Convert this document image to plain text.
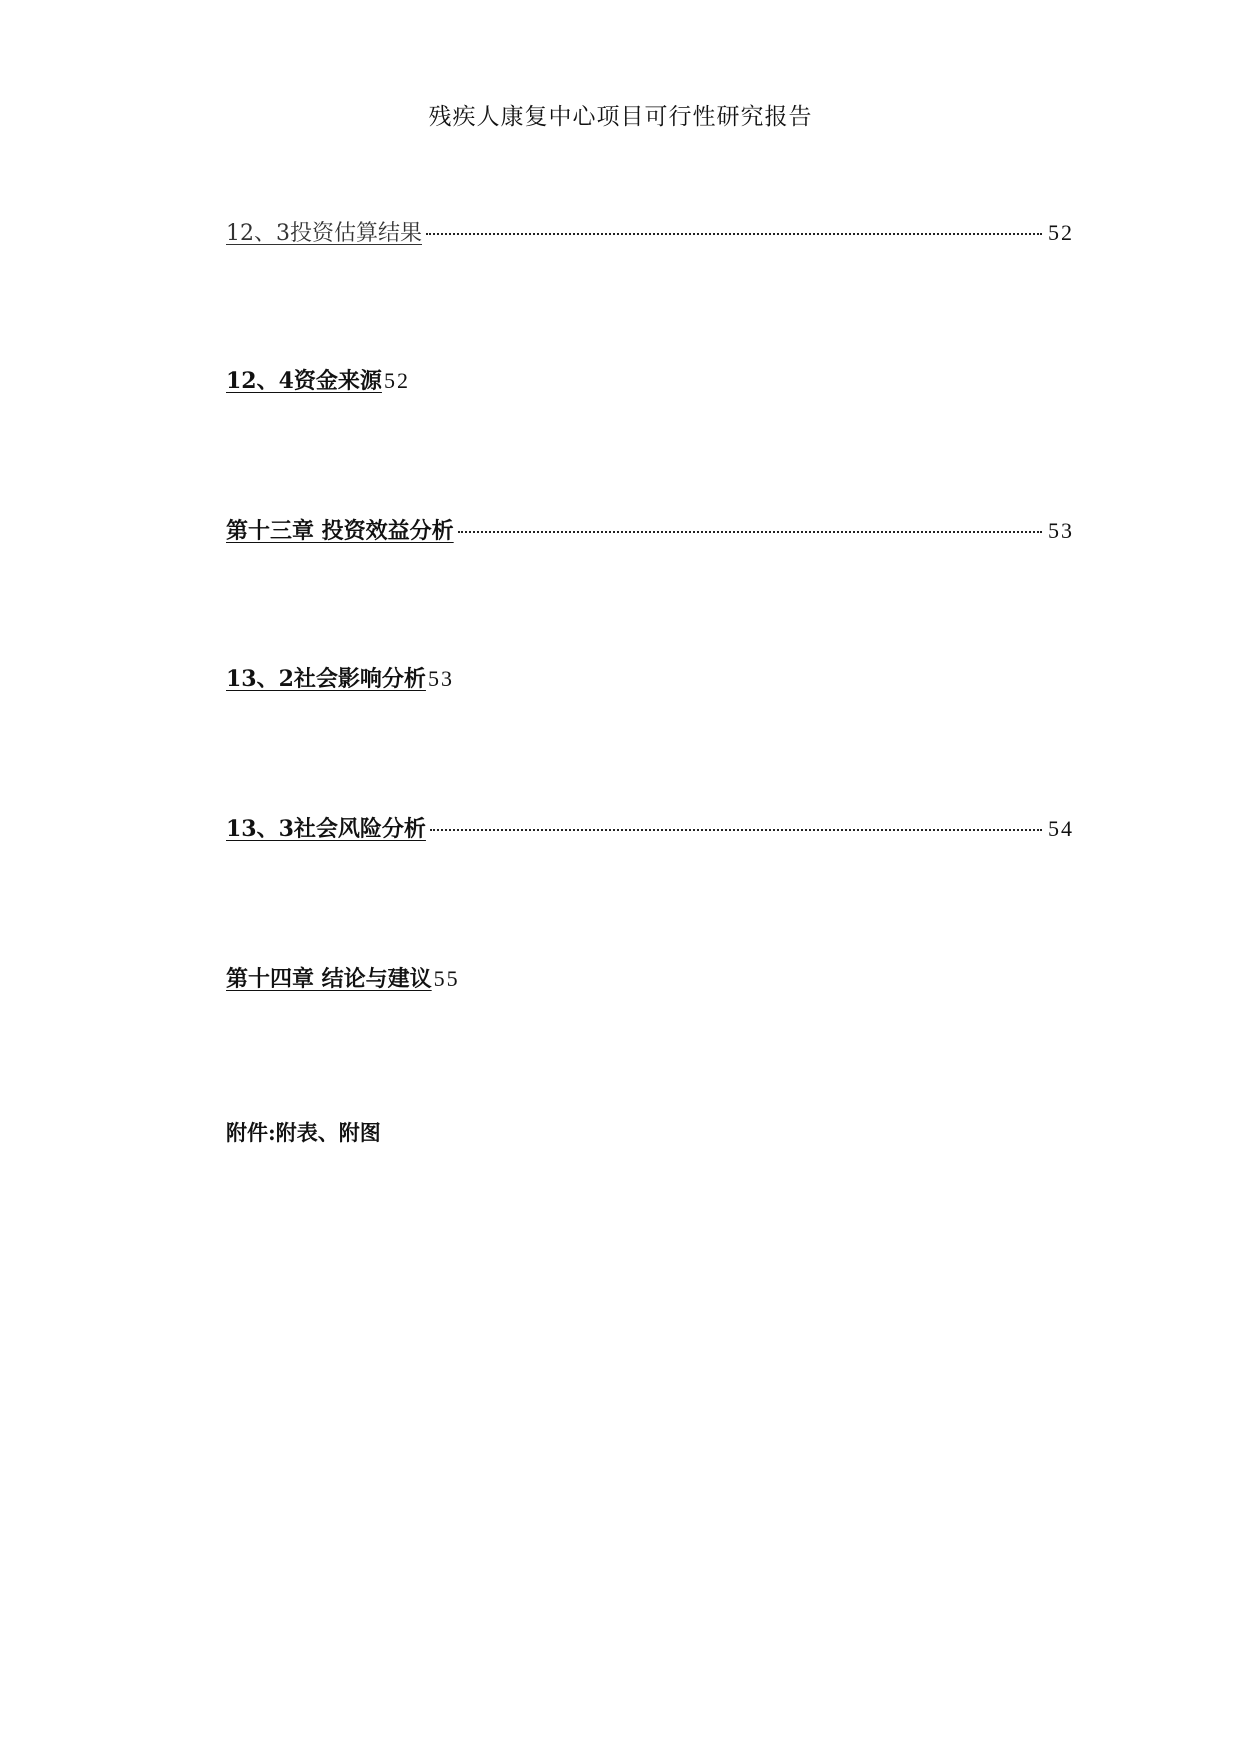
残疾人康复中心项目可行性研究报告
12、3投资估算结果	52
12、4资金来源 52
第十三章 投资效益分析	53
13、2社会影响分析 53
13、3社会风险分析	54
第十四章 结论与建议 55
附件:附表、附图
